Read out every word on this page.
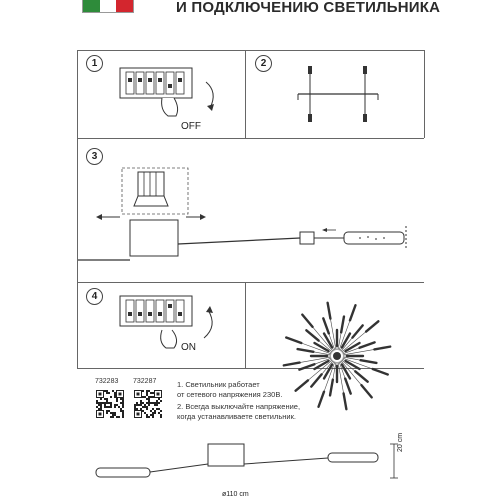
И ПОДКЛЮЧЕНИЮ СВЕТИЛЬНИКА
1
OFF
2
3
4
ON
732283 732287	1. Светильник работает
от сетевого напряжения 230В.
2. Всегда выключайте напряжение,
когда устанавливаете светильник.
20 cm
ø110 cm
